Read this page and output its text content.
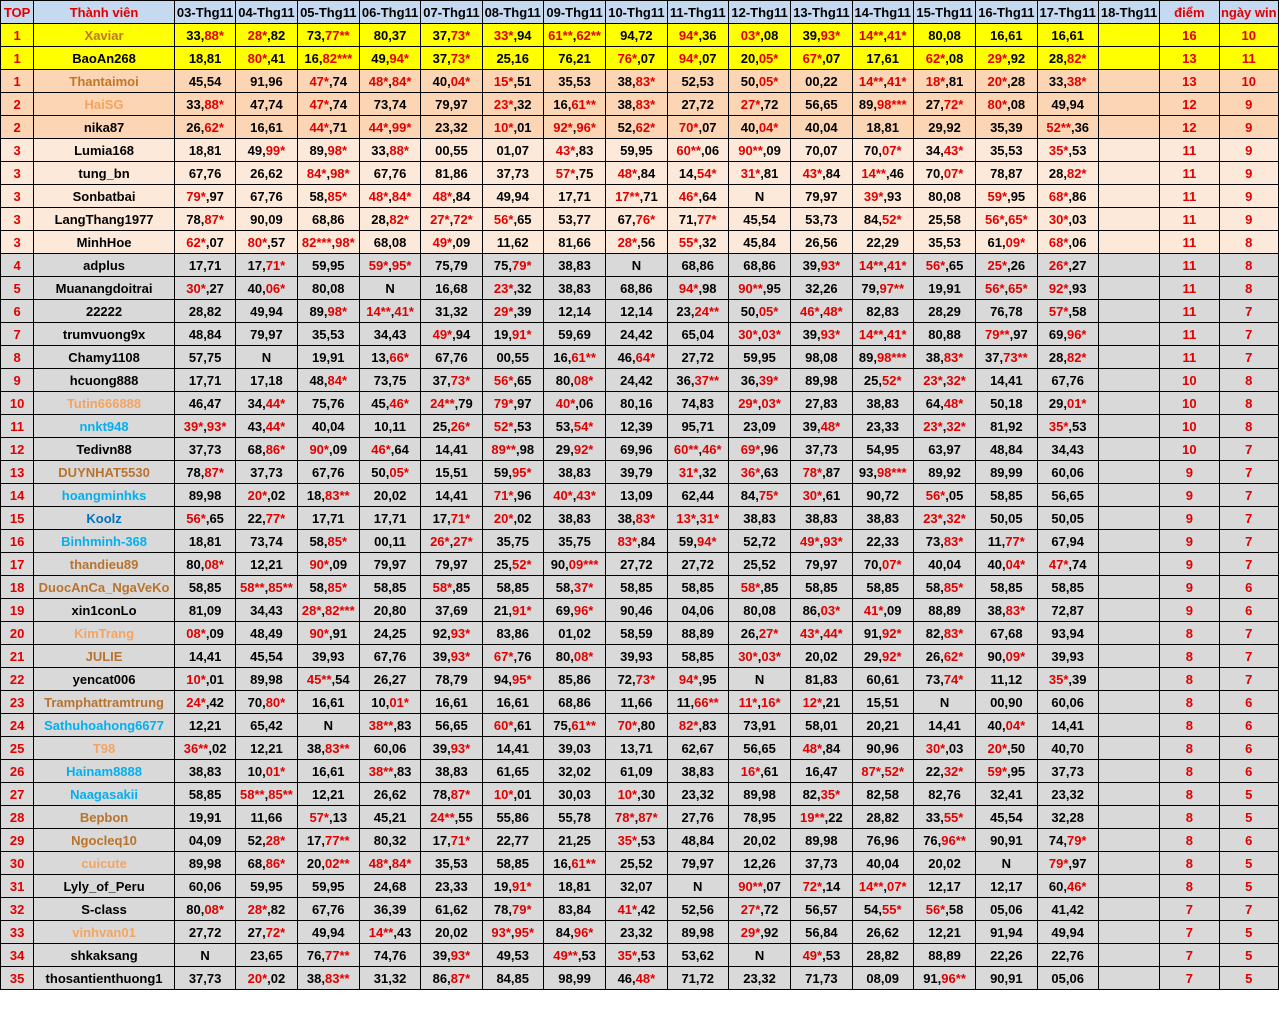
TOP	Thành viên	03-Thg11	04-Thg11	05-Thg11	06-Thg11	07-Thg11	08-Thg11	09-Thg11	10-Thg11	11-Thg11	12-Thg11	13-Thg11	14-Thg11	15-Thg11	16-Thg11	17-Thg11	18-Thg11	điểm	ngày win
1	Xaviar	33,88*	28*,82	73,77**	80,37	37,73*	33*,94	61**,62**	94,72	94*,36	03*,08	39,93*	14**,41*	80,08	16,61	16,61		16	10
1	BaoAn268	18,81	80*,41	16,82***	49,94*	37,73*	25,16	76,21	76*,07	94*,07	20,05*	67*,07	17,61	62*,08	29*,92	28,82*		13	11
1	Thantaimoi	45,54	91,96	47*,74	48*,84*	40,04*	15*,51	35,53	38,83*	52,53	50,05*	00,22	14**,41*	18*,81	20*,28	33,38*		13	10
2	HaiSG	33,88*	47,74	47*,74	73,74	79,97	23*,32	16,61**	38,83*	27,72	27*,72	56,65	89,98***	27,72*	80*,08	49,94		12	9
2	nika87	26,62*	16,61	44*,71	44*,99*	23,32	10*,01	92*,96*	52,62*	70*,07	40,04*	40,04	18,81	29,92	35,39	52**,36		12	9
3	Lumia168	18,81	49,99*	89,98*	33,88*	00,55	01,07	43*,83	59,95	60**,06	90**,09	70,07	70,07*	34,43*	35,53	35*,53		11	9
3	tung_bn	67,76	26,62	84*,98*	67,76	81,86	37,73	57*,75	48*,84	14,54*	31*,81	43*,84	14**,46	70,07*	78,87	28,82*		11	9
3	Sonbatbai	79*,97	67,76	58,85*	48*,84*	48*,84	49,94	17,71	17**,71	46*,64	N	79,97	39*,93	80,08	59*,95	68*,86		11	9
3	LangThang1977	78,87*	90,09	68,86	28,82*	27*,72*	56*,65	53,77	67,76*	71,77*	45,54	53,73	84,52*	25,58	56*,65*	30*,03		11	9
3	MinhHoe	62*,07	80*,57	82***,98*	68,08	49*,09	11,62	81,66	28*,56	55*,32	45,84	26,56	22,29	35,53	61,09*	68*,06		11	8
4	adplus	17,71	17,71*	59,95	59*,95*	75,79	75,79*	38,83	N	68,86	68,86	39,93*	14**,41*	56*,65	25*,26	26*,27		11	8
5	Muanangdoitrai	30*,27	40,06*	80,08	N	16,68	23*,32	38,83	68,86	94*,98	90**,95	32,26	79,97**	19,91	56*,65*	92*,93		11	8
6	22222	28,82	49,94	89,98*	14**,41*	31,32	29*,39	12,14	12,14	23,24**	50,05*	46*,48*	82,83	28,29	76,78	57*,58		11	7
7	trumvuong9x	48,84	79,97	35,53	34,43	49*,94	19,91*	59,69	24,42	65,04	30*,03*	39,93*	14**,41*	80,88	79**,97	69,96*		11	7
8	Chamy1108	57,75	N	19,91	13,66*	67,76	00,55	16,61**	46,64*	27,72	59,95	98,08	89,98***	38,83*	37,73**	28,82*		11	7
9	hcuong888	17,71	17,18	48,84*	73,75	37,73*	56*,65	80,08*	24,42	36,37**	36,39*	89,98	25,52*	23*,32*	14,41	67,76		10	8
10	Tutin666888	46,47	34,44*	75,76	45,46*	24**,79	79*,97	40*,06	80,16	74,83	29*,03*	27,83	38,83	64,48*	50,18	29,01*		10	8
11	nnkt948	39*,93*	43,44*	40,04	10,11	25,26*	52*,53	53,54*	12,39	95,71	23,09	39,48*	23,33	23*,32*	81,92	35*,53		10	8
12	Tedivn88	37,73	68,86*	90*,09	46*,64	14,41	89**,98	29,92*	69,96	60**,46*	69*,96	37,73	54,95	63,97	48,84	34,43		10	7
13	DUYNHAT5530	78,87*	37,73	67,76	50,05*	15,51	59,95*	38,83	39,79	31*,32	36*,63	78*,87	93,98***	89,92	89,99	60,06		9	7
14	hoangminhks	89,98	20*,02	18,83**	20,02	14,41	71*,96	40*,43*	13,09	62,44	84,75*	30*,61	90,72	56*,05	58,85	56,65		9	7
15	Koolz	56*,65	22,77*	17,71	17,71	17,71*	20*,02	38,83	38,83*	13*,31*	38,83	38,83	38,83	23*,32*	50,05	50,05		9	7
16	Binhminh-368	18,81	73,74	58,85*	00,11	26*,27*	35,75	35,75	83*,84	59,94*	52,72	49*,93*	22,33	73,83*	11,77*	67,94		9	7
17	thandieu89	80,08*	12,21	90*,09	79,97	79,97	25,52*	90,09***	27,72	27,72	25,52	79,97	70,07*	40,04	40,04*	47*,74		9	7
18	DuocAnCa_NgaVeKo	58,85	58**,85**	58,85*	58,85	58*,85	58,85	58,37*	58,85	58,85	58*,85	58,85	58,85	58,85*	58,85	58,85		9	6
19	xin1conLo	81,09	34,43	28*,82***	20,80	37,69	21,91*	69,96*	90,46	04,06	80,08	86,03*	41*,09	88,89	38,83*	72,87		9	6
20	KimTrang	08*,09	48,49	90*,91	24,25	92,93*	83,86	01,02	58,59	88,89	26,27*	43*,44*	91,92*	82,83*	67,68	93,94		8	7
21	JULIE	14,41	45,54	39,93	67,76	39,93*	67*,76	80,08*	39,93	58,85	30*,03*	20,02	29,92*	26,62*	90,09*	39,93		8	7
22	yencat006	10*,01	89,98	45**,54	26,27	78,79	94,95*	85,86	72,73*	94*,95	N	81,83	60,61	73,74*	11,12	35*,39		8	7
23	Tramphattramtrung	24*,42	70,80*	16,61	10,01*	16,61	16,61	68,86	11,66	11,66**	11*,16*	12*,21	15,51	N	00,90	60,06		8	6
24	Sathuhoahong6677	12,21	65,42	N	38**,83	56,65	60*,61	75,61**	70*,80	82*,83	73,91	58,01	20,21	14,41	40,04*	14,41		8	6
25	T98	36**,02	12,21	38,83**	60,06	39,93*	14,41	39,03	13,71	62,67	56,65	48*,84	90,96	30*,03	20*,50	40,70		8	6
26	Hainam8888	38,83	10,01*	16,61	38**,83	38,83	61,65	32,02	61,09	38,83	16*,61	16,47	87*,52*	22,32*	59*,95	37,73		8	6
27	Naagasakii	58,85	58**,85**	12,21	26,62	78,87*	10*,01	30,03	10*,30	23,32	89,98	82,35*	82,58	82,76	32,41	23,32		8	5
28	Bepbon	19,91	11,66	57*,13	45,21	24**,55	55,86	55,78	78*,87*	27,76	78,95	19**,22	28,82	33,55*	45,54	32,28		8	5
29	Ngocleq10	04,09	52,28*	17,77**	80,32	17,71*	22,77	21,25	35*,53	48,84	20,02	89,98	76,96	76,96**	90,91	74,79*		8	6
30	cuicute	89,98	68,86*	20,02**	48*,84*	35,53	58,85	16,61**	25,52	79,97	12,26	37,73	40,04	20,02	N	79*,97		8	5
31	Lyly_of_Peru	60,06	59,95	59,95	24,68	23,33	19,91*	18,81	32,07	N	90**,07	72*,14	14**,07*	12,17	12,17	60,46*		8	5
32	S-class	80,08*	28*,82	67,76	36,39	61,62	78,79*	83,84	41*,42	52,56	27*,72	56,57	54,55*	56*,58	05,06	41,42		7	7
33	vinhvan01	27,72	27,72*	49,94	14**,43	20,02	93*,95*	84,96*	23,32	89,98	29*,92	56,84	26,62	12,21	91,94	49,94		7	5
34	shkaksang	N	23,65	76,77**	74,76	39,93*	49,53	49**,53	35*,53	53,62	N	49*,53	28,82	88,89	22,26	22,76		7	5
35	thosantienthuong1	37,73	20*,02	38,83**	31,32	86,87*	84,85	98,99	46,48*	71,72	23,32	71,73	08,09	91,96**	90,91	05,06		7	5
